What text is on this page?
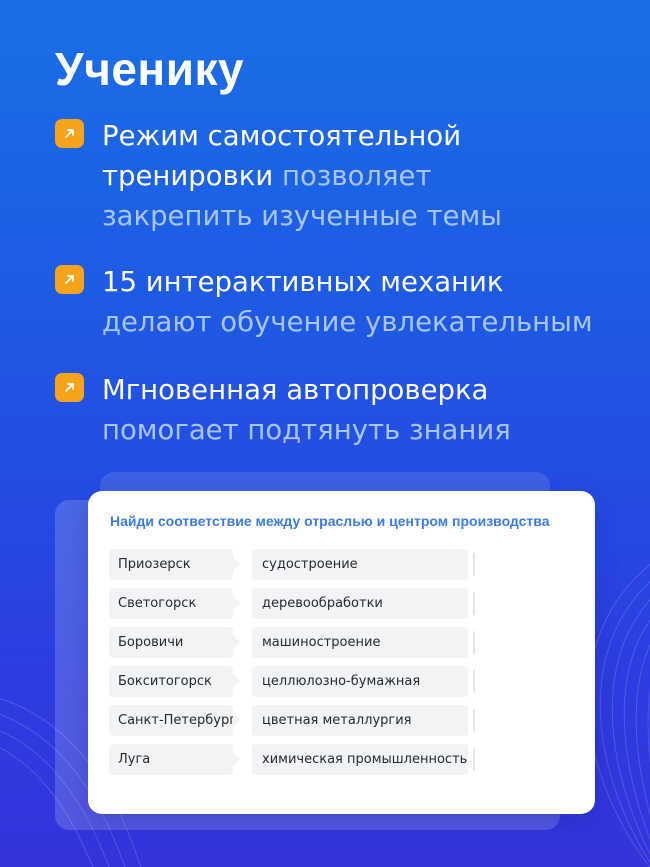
Ученику
Режим самостоятельной
тренировки позволяет
закрепить изученные темы
15 интерактивных механик
делают обучение увлекательным
Мгновенная автопроверка
помогает подтянуть знания

Найди соответствие между отраслью и центром производства

Приозерск	судостроение
Светогорск	деревообработки
Боровичи	машиностроение
Бокситогорск	целлюлозно-бумажная
Санкт-Петербург	цветная металлургия
Луга	химическая промышленность
